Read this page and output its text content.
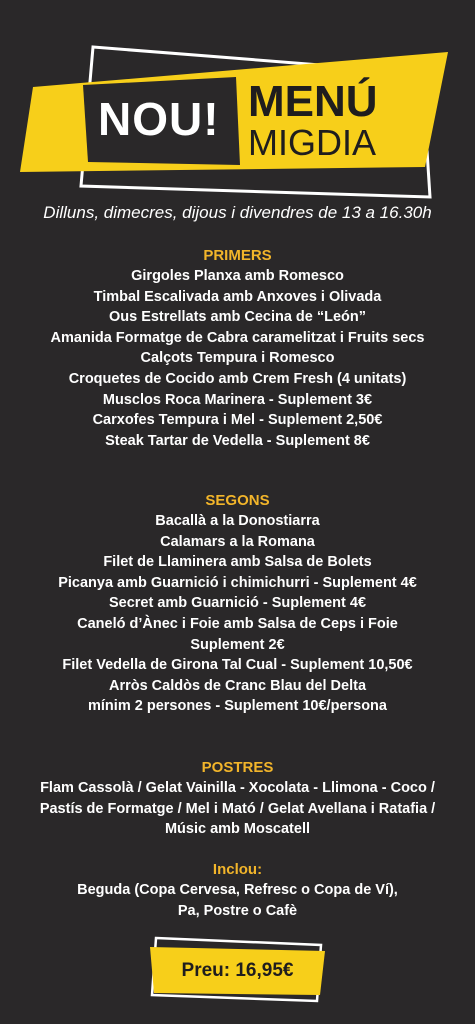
NOU! MENÚ
MIGDIA
Dilluns, dimecres, dijous i divendres de 13 a 16.30h
PRIMERS
Girgoles Planxa amb Romesco
Timbal Escalivada amb Anxoves i Olivada
Ous Estrellats amb Cecina de “León”
Amanida Formatge de Cabra caramelitzat i Fruits secs
Calçots Tempura i Romesco
Croquetes de Cocido amb Crem Fresh (4 unitats)
Musclos Roca Marinera - Suplement 3€
Carxofes Tempura i Mel - Suplement 2,50€
Steak Tartar de Vedella - Suplement 8€
SEGONS
Bacallà a la Donostiarra
Calamars a la Romana
Filet de Llaminera amb Salsa de Bolets
Picanya amb Guarnició i chimichurri - Suplement 4€
Secret amb Guarnició - Suplement 4€
Caneló d’Ànec i Foie amb Salsa de Ceps i Foie
Suplement 2€
Filet Vedella de Girona Tal Cual - Suplement 10,50€
Arròs Caldòs de Cranc Blau del Delta
mínim 2 persones - Suplement 10€/persona
POSTRES
Flam Cassolà / Gelat Vainilla - Xocolata - Llimona - Coco /
Pastís de Formatge / Mel i Mató / Gelat Avellana i Ratafia /
Músic amb Moscatell
Inclou:
Beguda (Copa Cervesa, Refresc o Copa de Ví),
Pa, Postre o Cafè
Preu: 16,95€
